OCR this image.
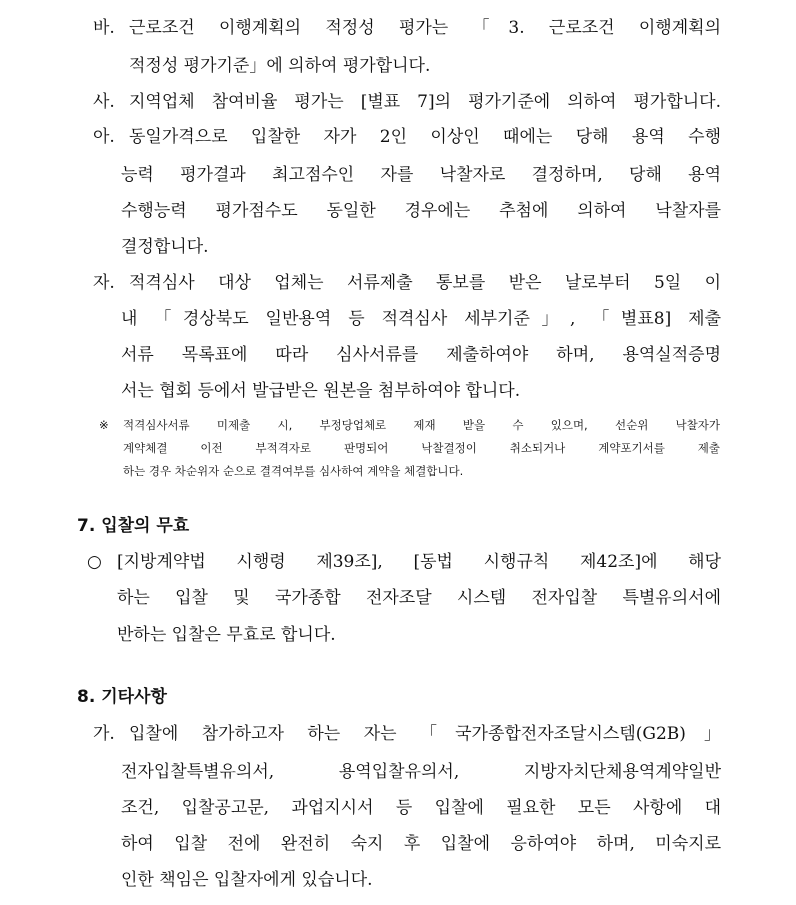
바. 근로조건 이행계획의 적정성 평가는 「3. 근로조건 이행계획의
적정성 평가기준」에 의하여 평가합니다.
사. 지역업체 참여비율 평가는 [별표 7]의 평가기준에 의하여 평가합니다.
아. 동일가격으로 입찰한 자가 2인 이상인 때에는 당해 용역 수행
능력 평가결과 최고점수인 자를 낙찰자로 결정하며, 당해 용역
수행능력 평가점수도 동일한 경우에는 추첨에 의하여 낙찰자를
결정합니다.
자. 적격심사 대상 업체는 서류제출 통보를 받은 날로부터 5일 이
내 「경상북도 일반용역 등 적격심사 세부기준」, 「별표8] 제출
서류 목록표에 따라 심사서류를 제출하여야 하며, 용역실적증명
서는 협회 등에서 발급받은 원본을 첨부하여야 합니다.
※ 적격심사서류 미제출 시, 부정당업체로 제재 받을 수 있으며, 선순위 낙찰자가
계약체결 이전 부적격자로 판명되어 낙찰결정이 취소되거나 계약포기서를 제출
하는 경우 차순위자 순으로 결격여부를 심사하여 계약을 체결합니다.
7. 입찰의 무효
○ [지방계약법 시행령 제39조], [동법 시행규칙 제42조]에 해당
하는 입찰 및 국가종합 전자조달 시스템 전자입찰 특별유의서에
반하는 입찰은 무효로 합니다.
8. 기타사항
가. 입찰에 참가하고자 하는 자는 「국가종합전자조달시스템(G2B)」
전자입찰특별유의서, 용역입찰유의서, 지방자치단체용역계약일반
조건, 입찰공고문, 과업지시서 등 입찰에 필요한 모든 사항에 대
하여 입찰 전에 완전히 숙지 후 입찰에 응하여야 하며, 미숙지로
인한 책임은 입찰자에게 있습니다.
